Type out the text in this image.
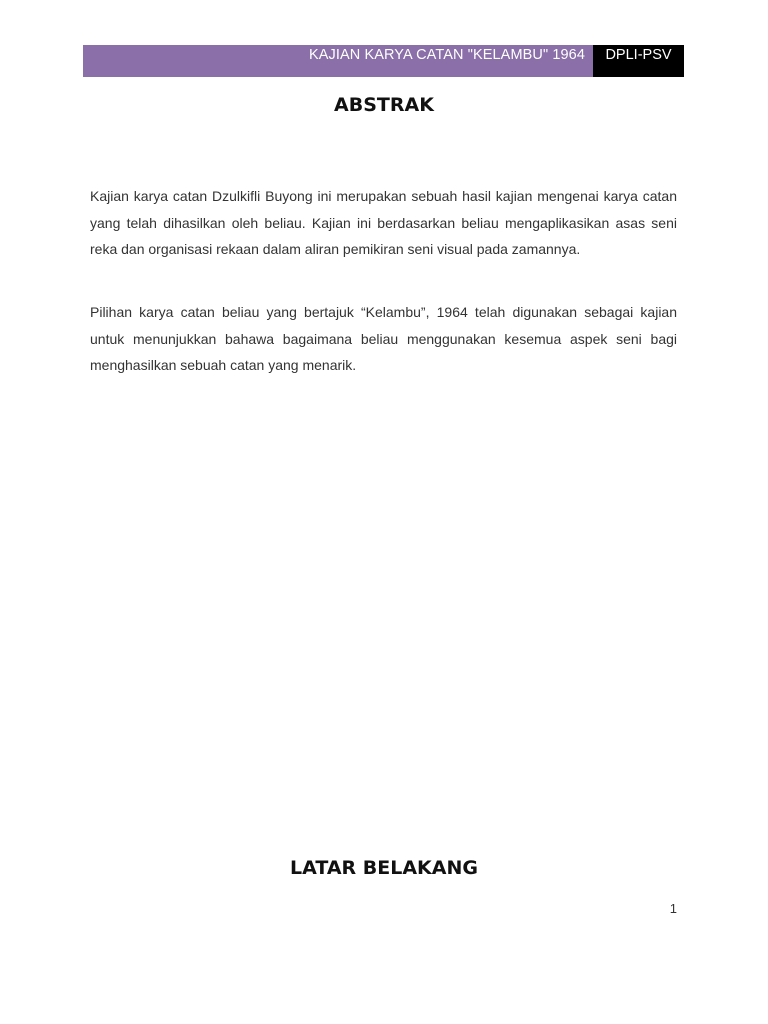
KAJIAN KARYA CATAN "KELAMBU" 1964	DPLI-PSV
ABSTRAK

Kajian karya catan Dzulkifli Buyong ini merupakan sebuah hasil kajian mengenai karya catan yang telah dihasilkan oleh beliau. Kajian ini berdasarkan beliau mengaplikasikan asas seni reka dan organisasi rekaan dalam aliran pemikiran seni visual pada zamannya.

Pilihan karya catan beliau yang bertajuk “Kelambu”, 1964 telah digunakan sebagai kajian untuk menunjukkan bahawa bagaimana beliau menggunakan kesemua aspek seni bagi menghasilkan sebuah catan yang menarik.

LATAR BELAKANG
1
